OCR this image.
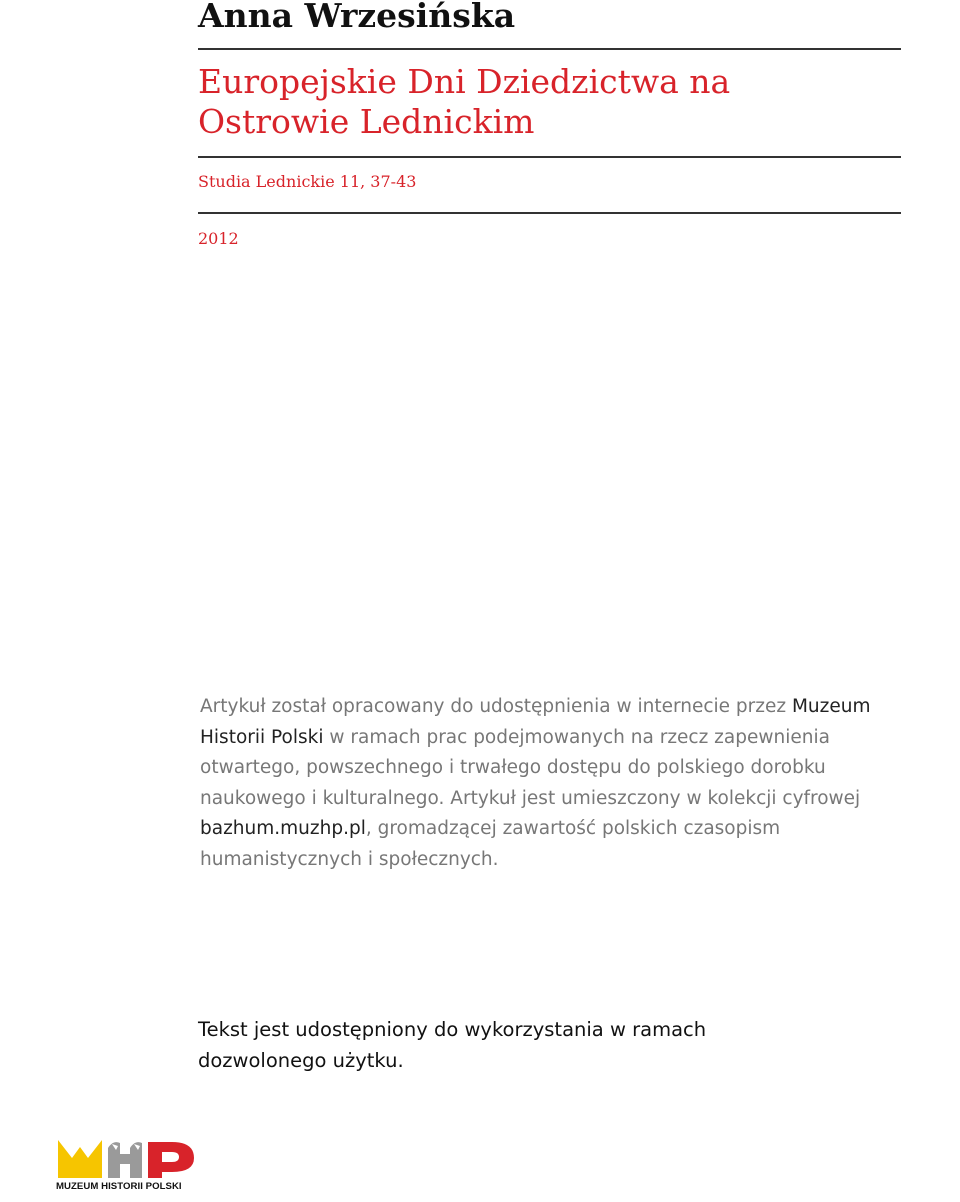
Anna Wrzesińska
Europejskie Dni Dziedzictwa na
Ostrowie Lednickim
Studia Lednickie 11, 37-43
2012

Artykuł został opracowany do udostępnienia w internecie przez Muzeum Historii Polski w ramach prac podejmowanych na rzecz zapewnienia otwartego, powszechnego i trwałego dostępu do polskiego dorobku naukowego i kulturalnego. Artykuł jest umieszczony w kolekcji cyfrowej bazhum.muzhp.pl, gromadzącej zawartość polskich czasopism humanistycznych i społecznych.

Tekst jest udostępniony do wykorzystania w ramach
dozwolonego użytku.

MUZEUM HISTORII POLSKI
